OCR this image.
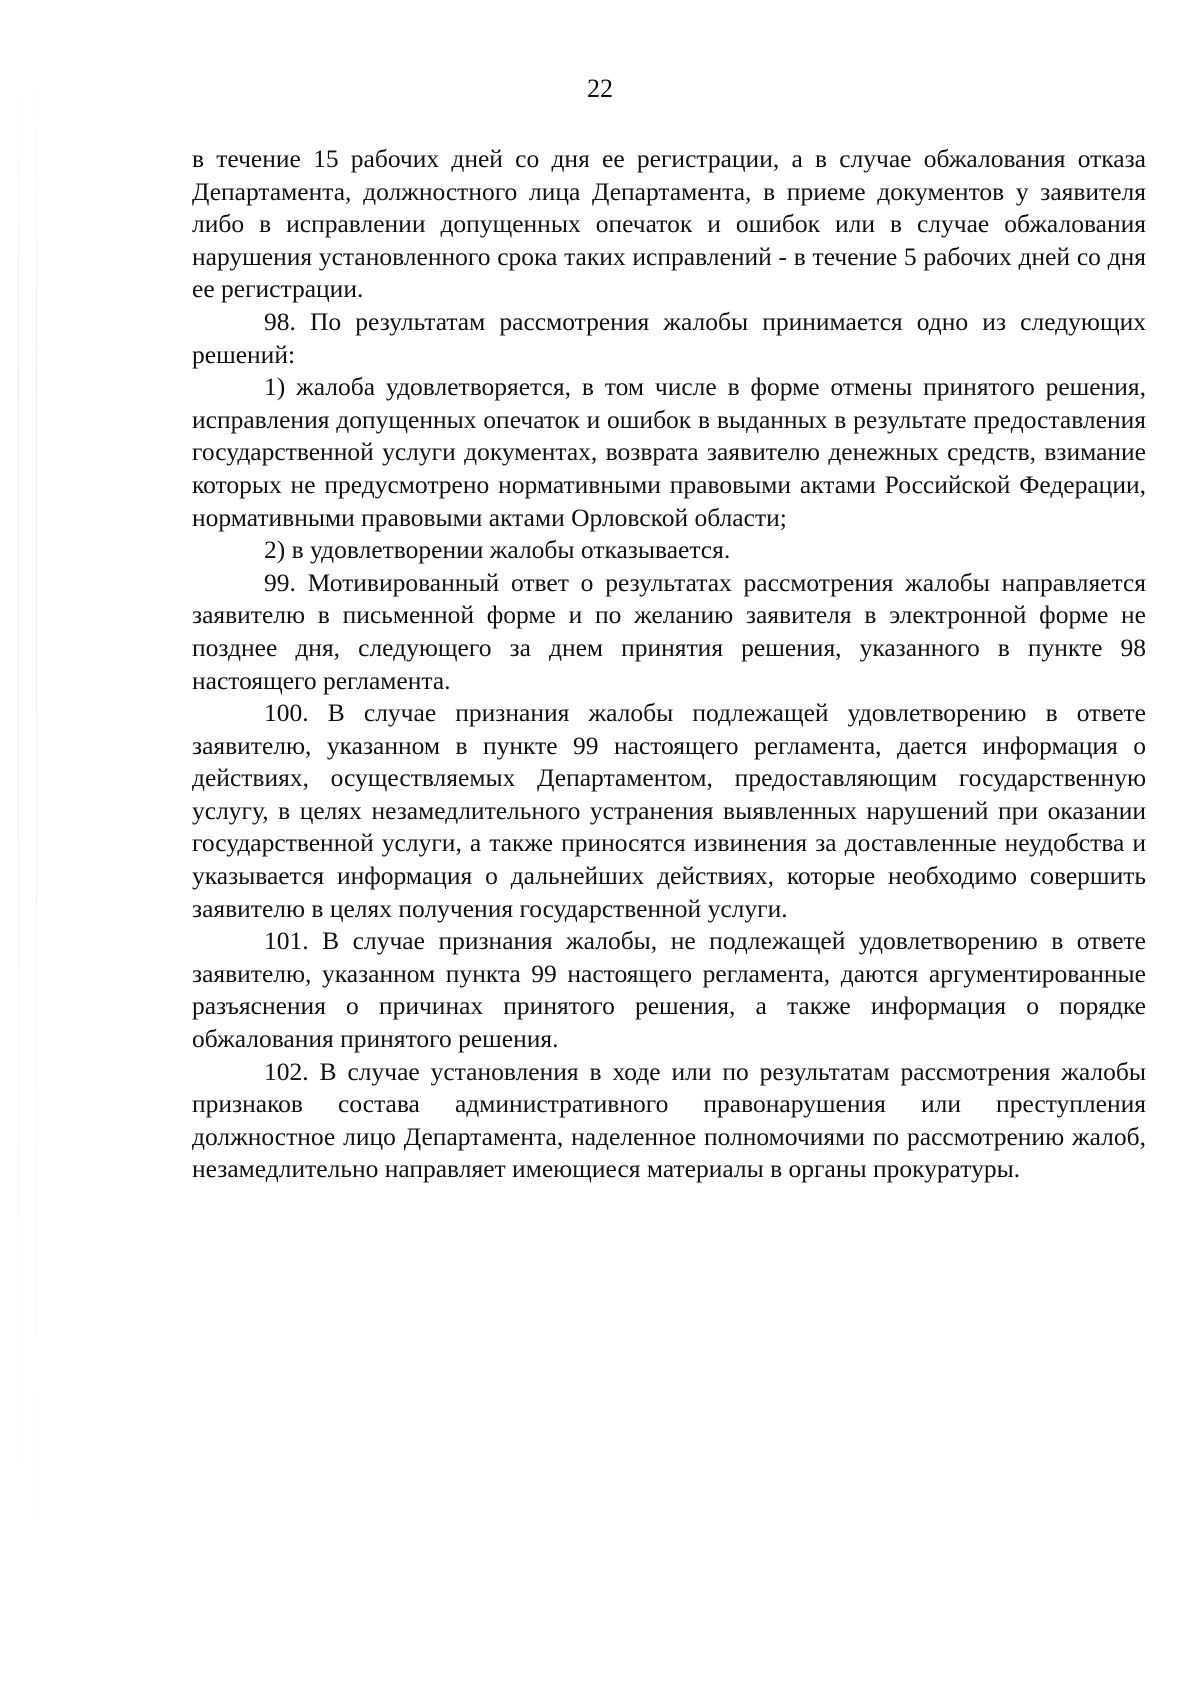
22

в течение 15 рабочих дней со дня ее регистрации, а в случае обжалования отказа Департамента, должностного лица Департамента, в приеме документов у заявителя либо в исправлении допущенных опечаток и ошибок или в случае обжалования нарушения установленного срока таких исправлений - в течение 5 рабочих дней со дня ее регистрации.

98. По результатам рассмотрения жалобы принимается одно из следующих решений:

1) жалоба удовлетворяется, в том числе в форме отмены принятого решения, исправления допущенных опечаток и ошибок в выданных в результате предоставления государственной услуги документах, возврата заявителю денежных средств, взимание которых не предусмотрено нормативными правовыми актами Российской Федерации, нормативными правовыми актами Орловской области;

2) в удовлетворении жалобы отказывается.

99. Мотивированный ответ о результатах рассмотрения жалобы направляется заявителю в письменной форме и по желанию заявителя в электронной форме не позднее дня, следующего за днем принятия решения, указанного в пункте 98 настоящего регламента.

100. В случае признания жалобы подлежащей удовлетворению в ответе заявителю, указанном в пункте 99 настоящего регламента, дается информация о действиях, осуществляемых Департаментом, предоставляющим государственную услугу, в целях незамедлительного устранения выявленных нарушений при оказании государственной услуги, а также приносятся извинения за доставленные неудобства и указывается информация о дальнейших действиях, которые необходимо совершить заявителю в целях получения государственной услуги.

101. В случае признания жалобы, не подлежащей удовлетворению в ответе заявителю, указанном пункта 99 настоящего регламента, даются аргументированные разъяснения о причинах принятого решения, а также информация о порядке обжалования принятого решения.

102. В случае установления в ходе или по результатам рассмотрения жалобы признаков состава административного правонарушения или преступления должностное лицо Департамента, наделенное полномочиями по рассмотрению жалоб, незамедлительно направляет имеющиеся материалы в органы прокуратуры.
